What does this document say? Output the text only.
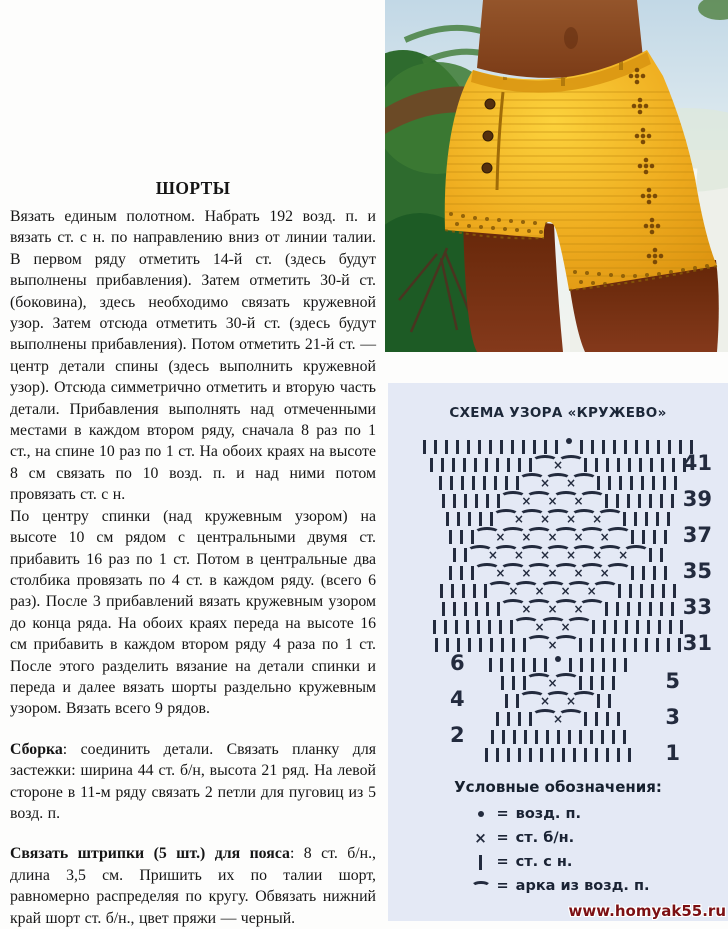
ШОРТЫ

Вязать единым полотном. Набрать 192 возд. п. и вязать ст. с н. по направлению вниз от линии талии. В первом ряду отметить 14-й ст. (здесь будут выполнены прибавления). Затем отметить 30-й ст. (боковина), здесь необходимо связать кружевной узор. Затем отсюда отметить 30-й ст. (здесь будут выполнены прибавления). Потом отметить 21-й ст. — центр детали спины (здесь выполнить кружевной узор). Отсюда симметрично отметить и вторую часть детали. Прибавления выполнять над отмеченными местами в каждом втором ряду, сначала 8 раз по 1 ст., на спине 10 раз по 1 ст. На обоих краях на высоте 8 см связать по 10 возд. п. и над ними потом провязать ст. с н.

По центру спинки (над кружевным узором) на высоте 10 см рядом с центральными двумя ст. прибавить 16 раз по 1 ст. Потом в центральные два столбика провязать по 4 ст. в каждом ряду. (всего 6 раз). После 3 прибавлений вязать кружевным узором до конца ряда. На обоих краях переда на высоте 16 см прибавить в каждом втором ряду 4 раза по 1 ст. После этого разделить вязание на детали спинки и переда и далее вязать шорты раздельно кружевным узором. Вязать всего 9 рядов.

Сборка: соединить детали. Связать планку для застежки: ширина 44 ст. б/н, высота 21 ряд. На левой стороне в 11-м ряду связать 2 петли для пуговиц из 5 возд. п.

Связать штрипки (5 шт.) для пояса: 8 ст. б/н., длина 3,5 см. Пришить их по талии шорт, равномерно распределяя по кругу. Обвязать нижний край шорт ст. б/н., цвет пряжи — черный.

СХЕМА УЗОРА «КРУЖЕВО»
×	41
× ×
× × ×	39
× × × ×
× × × × ×	37
× × × × × ×
× × × × ×	35
× × × ×
× × ×	33
× ×
×	31
6
×	5
× ×
4
×	3
2
1
Условные обозначения:
= возд. п.
× = ст. б/н.
= ст. с н.
= арка из возд. п.
www.homyak55.ru
